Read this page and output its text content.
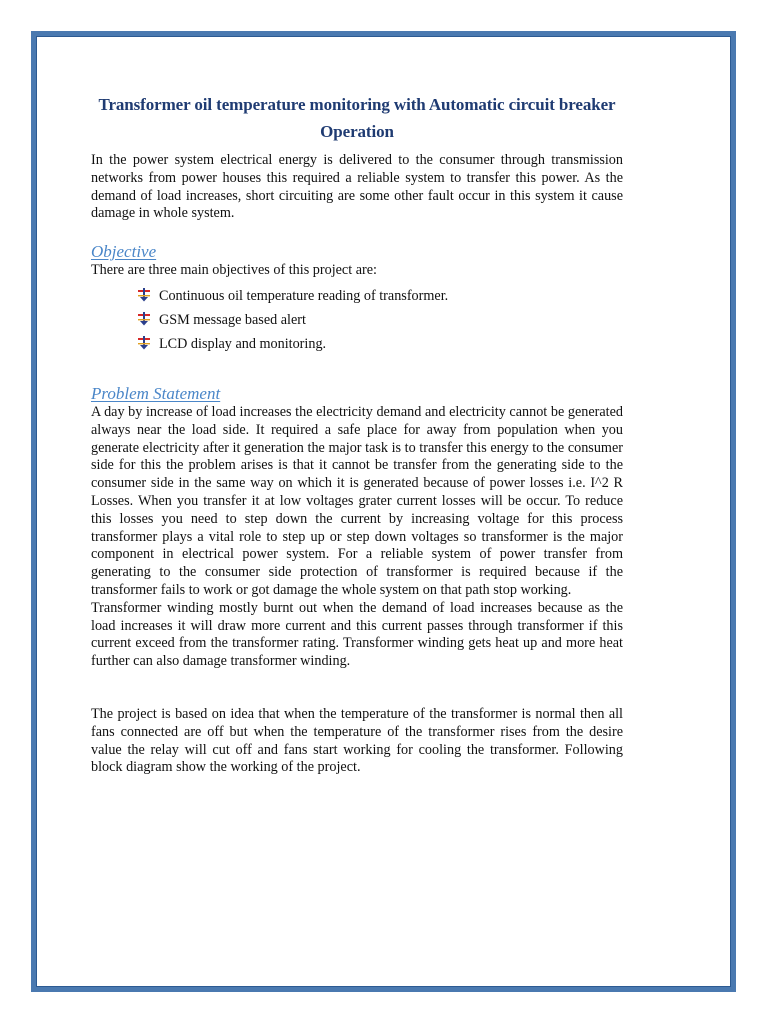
Transformer oil temperature monitoring with Automatic circuit breaker
Operation

In the power system electrical energy is delivered to the consumer through transmission networks from power houses this required a reliable system to transfer this power. As the demand of load increases, short circuiting are some other fault occur in this system it cause damage in whole system.

Objective

There are three main objectives of this project are:

Continuous oil temperature reading of transformer.
GSM message based alert
LCD display and monitoring.
Problem Statement

A day by increase of load increases the electricity demand and electricity cannot be generated always near the load side. It required a safe place for away from population when you generate electricity after it generation the major task is to transfer this energy to the consumer side for this the problem arises is that it cannot be transfer from the generating side to the consumer side in the same way on which it is generated because of power losses i.e. I^2 R Losses. When you transfer it at low voltages grater current losses will be occur. To reduce this losses you need to step down the current by increasing voltage for this process transformer plays a vital role to step up or step down voltages so transformer is the major component in electrical power system. For a reliable system of power transfer from generating to the consumer side protection of transformer is required because if the transformer fails to work or got damage the whole system on that path stop working.

Transformer winding mostly burnt out when the demand of load increases because as the load increases it will draw more current and this current passes through transformer if this current exceed from the transformer rating. Transformer winding gets heat up and more heat further can also damage transformer winding.

The project is based on idea that when the temperature of the transformer is normal then all fans connected are off but when the temperature of the transformer rises from the desire value the relay will cut off and fans start working for cooling the transformer. Following block diagram show the working of the project.
